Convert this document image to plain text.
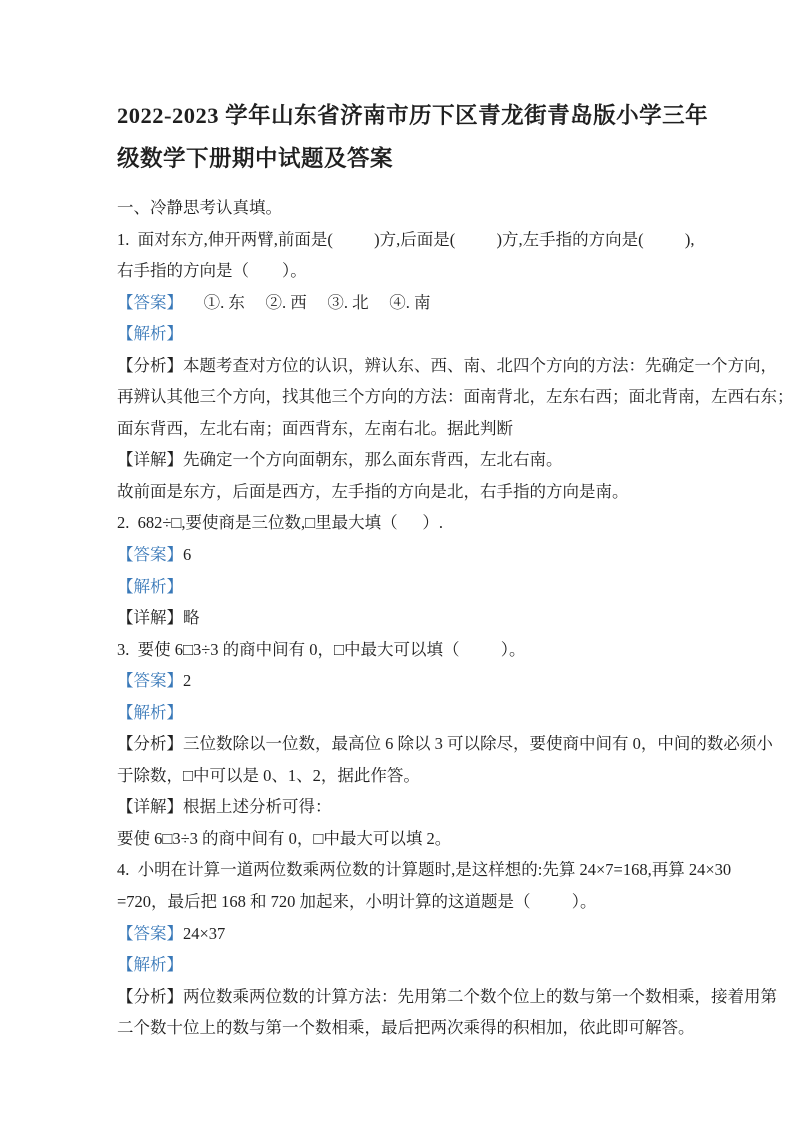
2022-2023 学年山东省济南市历下区青龙街青岛版小学三年
级数学下册期中试题及答案
一、冷静思考认真填。
1.  面对东方,伸开两臂,前面是(          )方,后面是(          )方,左手指的方向是(          ),
右手指的方向是（        ）。
【答案】     ①. 东     ②. 西     ③. 北     ④. 南
【解析】
【分析】本题考查对方位的认识，辨认东、西、南、北四个方向的方法：先确定一个方向，
再辨认其他三个方向，找其他三个方向的方法：面南背北，左东右西；面北背南，左西右东；
面东背西，左北右南；面西背东，左南右北。据此判断
【详解】先确定一个方向面朝东，那么面东背西，左北右南。
故前面是东方，后面是西方，左手指的方向是北，右手指的方向是南。
2.  682÷□,要使商是三位数,□里最大填（      ）.
【答案】6
【解析】
【详解】略
3.  要使 6□3÷3 的商中间有 0，□中最大可以填（          ）。
【答案】2
【解析】
【分析】三位数除以一位数，最高位 6 除以 3 可以除尽，要使商中间有 0，中间的数必须小
于除数，□中可以是 0、1、2，据此作答。
【详解】根据上述分析可得：
要使 6□3÷3 的商中间有 0，□中最大可以填 2。
4.  小明在计算一道两位数乘两位数的计算题时,是这样想的:先算 24×7=168,再算 24×30
=720，最后把 168 和 720 加起来，小明计算的这道题是（          ）。
【答案】24×37
【解析】
【分析】两位数乘两位数的计算方法：先用第二个数个位上的数与第一个数相乘，接着用第
二个数十位上的数与第一个数相乘，最后把两次乘得的积相加，依此即可解答。
